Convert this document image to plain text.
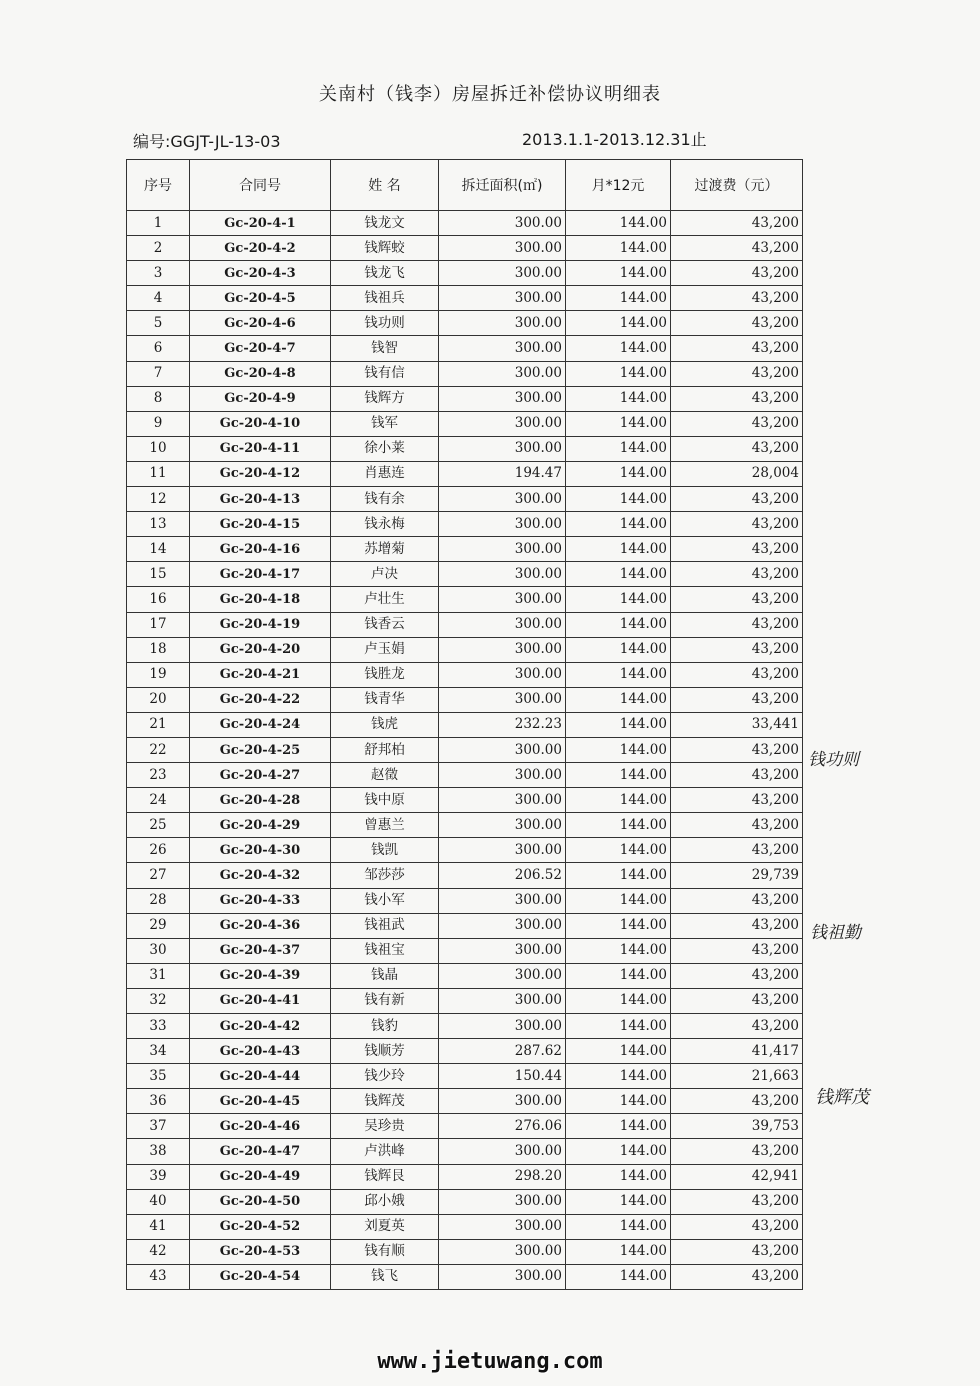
关南村（钱李）房屋拆迁补偿协议明细表
编号:GGJT-JL-13-03	2013.1.1-2013.12.31止
序号	合同号	姓 名	拆迁面积(㎡)	月*12元	过渡费（元）
1	Gc-20-4-1	钱龙文	300.00	144.00	43,200
2	Gc-20-4-2	钱辉蛟	300.00	144.00	43,200
3	Gc-20-4-3	钱龙飞	300.00	144.00	43,200
4	Gc-20-4-5	钱祖兵	300.00	144.00	43,200
5	Gc-20-4-6	钱功则	300.00	144.00	43,200
6	Gc-20-4-7	钱智	300.00	144.00	43,200
7	Gc-20-4-8	钱有信	300.00	144.00	43,200
8	Gc-20-4-9	钱辉方	300.00	144.00	43,200
9	Gc-20-4-10	钱军	300.00	144.00	43,200
10	Gc-20-4-11	徐小莱	300.00	144.00	43,200
11	Gc-20-4-12	肖惠连	194.47	144.00	28,004
12	Gc-20-4-13	钱有余	300.00	144.00	43,200
13	Gc-20-4-15	钱永梅	300.00	144.00	43,200
14	Gc-20-4-16	苏增菊	300.00	144.00	43,200
15	Gc-20-4-17	卢决	300.00	144.00	43,200
16	Gc-20-4-18	卢壮生	300.00	144.00	43,200
17	Gc-20-4-19	钱香云	300.00	144.00	43,200
18	Gc-20-4-20	卢玉娟	300.00	144.00	43,200
19	Gc-20-4-21	钱胜龙	300.00	144.00	43,200
20	Gc-20-4-22	钱青华	300.00	144.00	43,200
21	Gc-20-4-24	钱虎	232.23	144.00	33,441
22	Gc-20-4-25	舒邦柏	300.00	144.00	43,200
23	Gc-20-4-27	赵徵	300.00	144.00	43,200
24	Gc-20-4-28	钱中原	300.00	144.00	43,200
25	Gc-20-4-29	曾惠兰	300.00	144.00	43,200
26	Gc-20-4-30	钱凯	300.00	144.00	43,200
27	Gc-20-4-32	邹莎莎	206.52	144.00	29,739
28	Gc-20-4-33	钱小军	300.00	144.00	43,200
29	Gc-20-4-36	钱祖武	300.00	144.00	43,200
30	Gc-20-4-37	钱祖宝	300.00	144.00	43,200
31	Gc-20-4-39	钱晶	300.00	144.00	43,200
32	Gc-20-4-41	钱有新	300.00	144.00	43,200
33	Gc-20-4-42	钱豹	300.00	144.00	43,200
34	Gc-20-4-43	钱顺芳	287.62	144.00	41,417
35	Gc-20-4-44	钱少玲	150.44	144.00	21,663
36	Gc-20-4-45	钱辉茂	300.00	144.00	43,200
37	Gc-20-4-46	吴珍贵	276.06	144.00	39,753
38	Gc-20-4-47	卢洪峰	300.00	144.00	43,200
39	Gc-20-4-49	钱辉艮	298.20	144.00	42,941
40	Gc-20-4-50	邱小娥	300.00	144.00	43,200
41	Gc-20-4-52	刘夏英	300.00	144.00	43,200
42	Gc-20-4-53	钱有顺	300.00	144.00	43,200
43	Gc-20-4-54	钱飞	300.00	144.00	43,200
钱功则
钱祖勤
钱辉茂
www.jietuwang.com
